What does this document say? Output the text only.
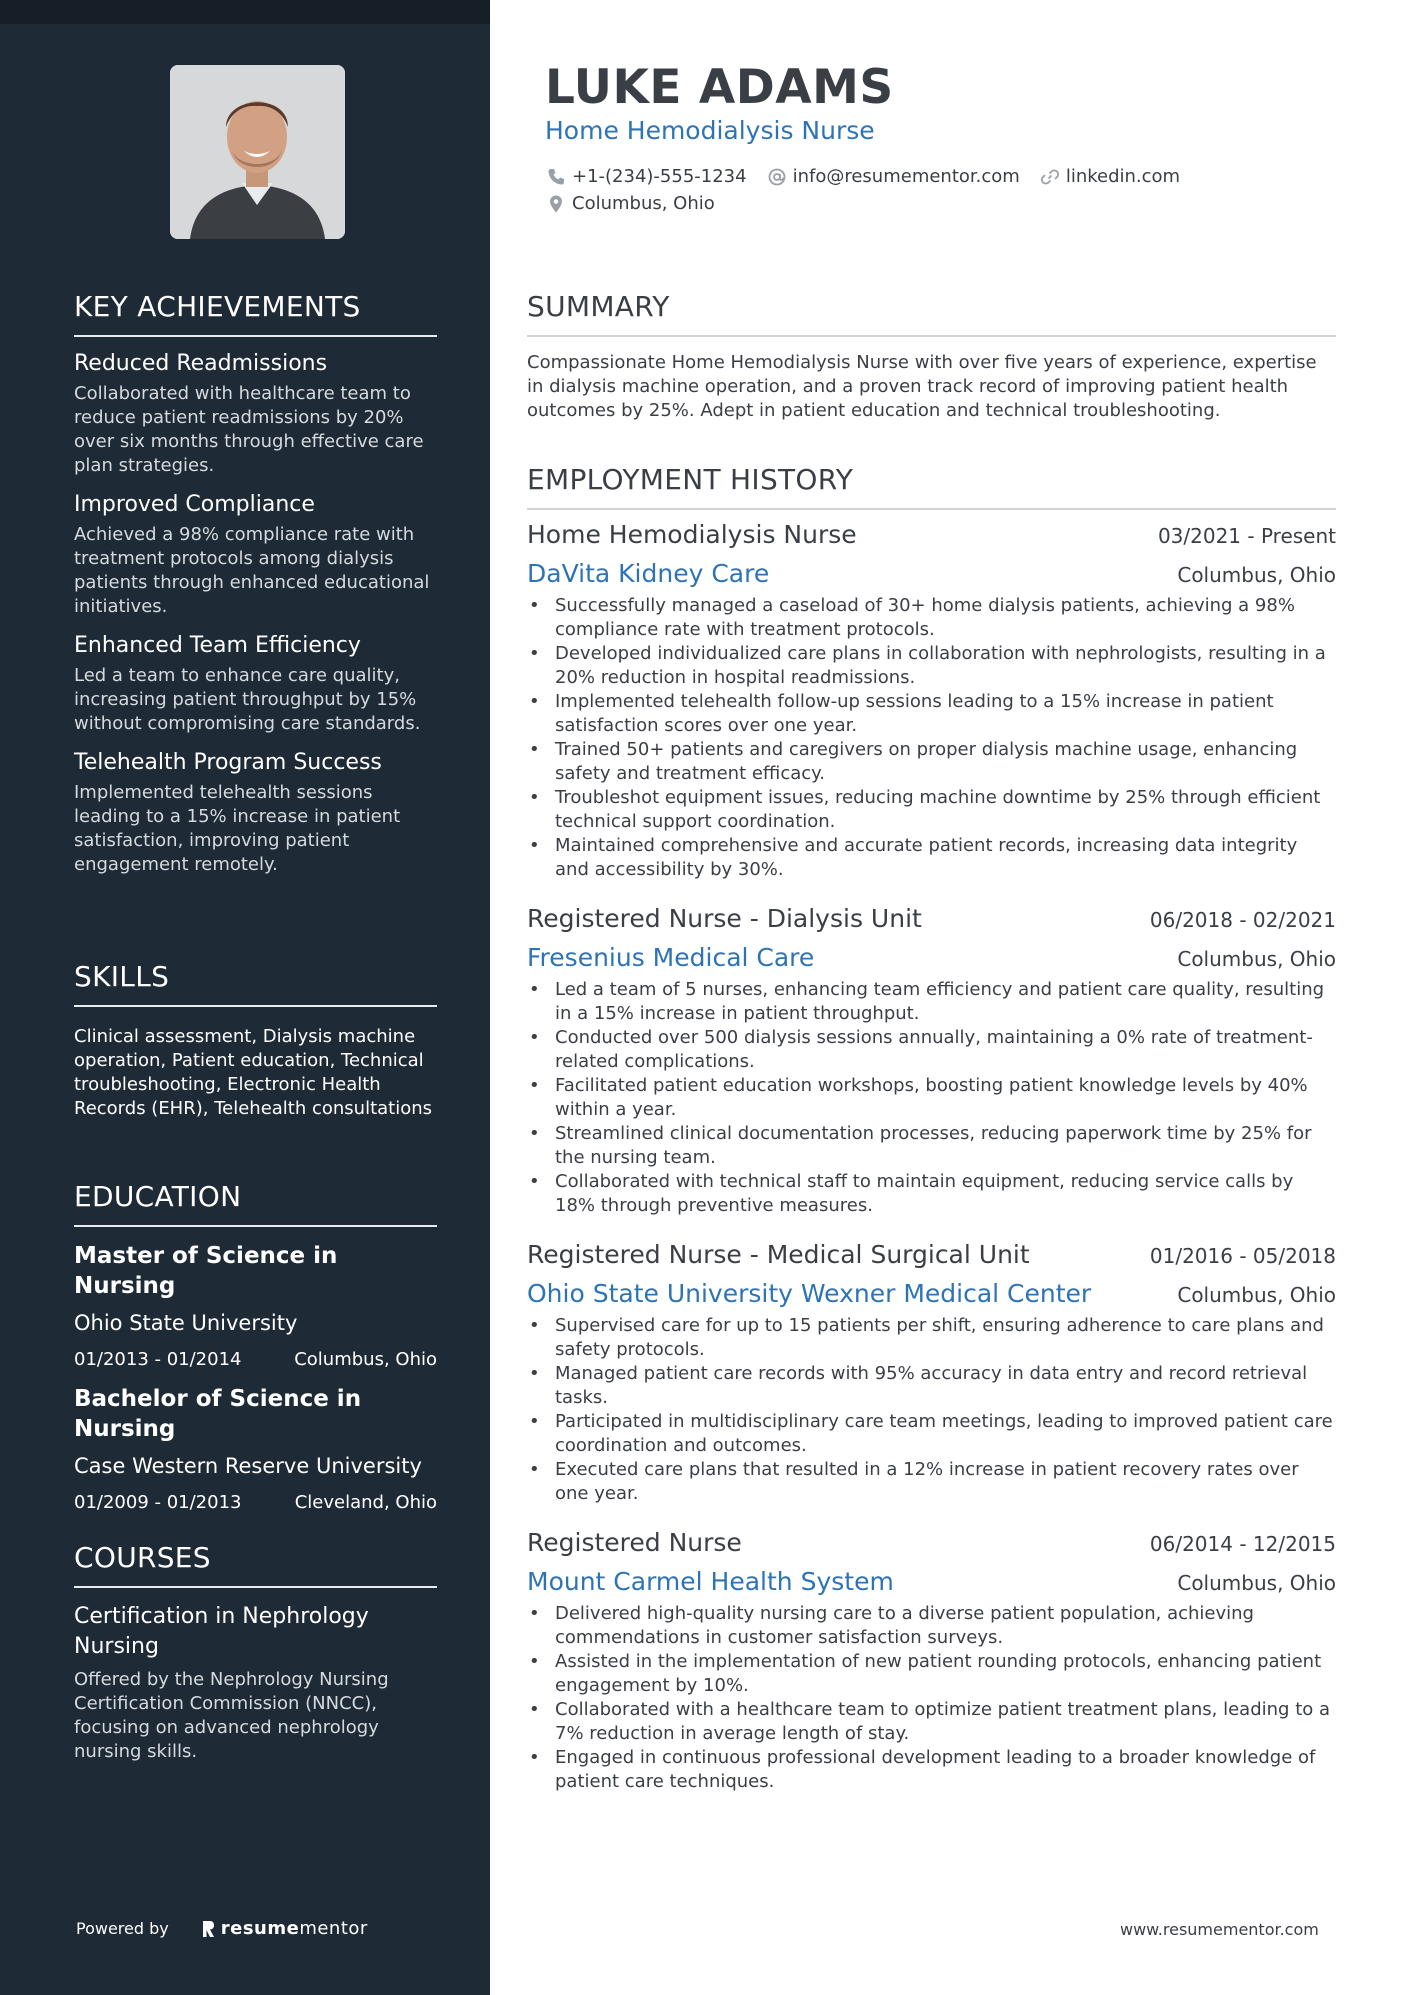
KEY ACHIEVEMENTS
Reduced Readmissions
Collaborated with healthcare team to reduce patient readmissions by 20% over six months through effective care plan strategies.
Improved Compliance
Achieved a 98% compliance rate with treatment protocols among dialysis patients through enhanced educational initiatives.
Enhanced Team Efficiency
Led a team to enhance care quality, increasing patient throughput by 15% without compromising care standards.
Telehealth Program Success
Implemented telehealth sessions leading to a 15% increase in patient satisfaction, improving patient engagement remotely.
SKILLS
Clinical assessment, Dialysis machine operation, Patient education, Technical troubleshooting, Electronic Health Records (EHR), Telehealth consultations
EDUCATION
Master of Science in Nursing
Ohio State University
01/2013 - 01/2014	Columbus, Ohio
Bachelor of Science in Nursing
Case Western Reserve University
01/2009 - 01/2013	Cleveland, Ohio
COURSES
Certification in Nephrology Nursing
Offered by the Nephrology Nursing Certification Commission (NNCC), focusing on advanced nephrology nursing skills.
Powered by	resume mentor
LUKE ADAMS
Home Hemodialysis Nurse
+1-(234)-555-1234	info@resumementor.com	linkedin.com
Columbus, Ohio
SUMMARY
Compassionate Home Hemodialysis Nurse with over five years of experience, expertise in dialysis machine operation, and a proven track record of improving patient health outcomes by 25%. Adept in patient education and technical troubleshooting.
EMPLOYMENT HISTORY
Home Hemodialysis Nurse	03/2021 - Present
DaVita Kidney Care	Columbus, Ohio
• Successfully managed a caseload of 30+ home dialysis patients, achieving a 98% compliance rate with treatment protocols.
• Developed individualized care plans in collaboration with nephrologists, resulting in a 20% reduction in hospital readmissions.
• Implemented telehealth follow-up sessions leading to a 15% increase in patient satisfaction scores over one year.
• Trained 50+ patients and caregivers on proper dialysis machine usage, enhancing safety and treatment efficacy.
• Troubleshot equipment issues, reducing machine downtime by 25% through efficient technical support coordination.
• Maintained comprehensive and accurate patient records, increasing data integrity and accessibility by 30%.
Registered Nurse - Dialysis Unit	06/2018 - 02/2021
Fresenius Medical Care	Columbus, Ohio
• Led a team of 5 nurses, enhancing team efficiency and patient care quality, resulting in a 15% increase in patient throughput.
• Conducted over 500 dialysis sessions annually, maintaining a 0% rate of treatment-related complications.
• Facilitated patient education workshops, boosting patient knowledge levels by 40% within a year.
• Streamlined clinical documentation processes, reducing paperwork time by 25% for the nursing team.
• Collaborated with technical staff to maintain equipment, reducing service calls by 18% through preventive measures.
Registered Nurse - Medical Surgical Unit	01/2016 - 05/2018
Ohio State University Wexner Medical Center	Columbus, Ohio
• Supervised care for up to 15 patients per shift, ensuring adherence to care plans and safety protocols.
• Managed patient care records with 95% accuracy in data entry and record retrieval tasks.
• Participated in multidisciplinary care team meetings, leading to improved patient care coordination and outcomes.
• Executed care plans that resulted in a 12% increase in patient recovery rates over one year.
Registered Nurse	06/2014 - 12/2015
Mount Carmel Health System	Columbus, Ohio
• Delivered high-quality nursing care to a diverse patient population, achieving commendations in customer satisfaction surveys.
• Assisted in the implementation of new patient rounding protocols, enhancing patient engagement by 10%.
• Collaborated with a healthcare team to optimize patient treatment plans, leading to a 7% reduction in average length of stay.
• Engaged in continuous professional development leading to a broader knowledge of patient care techniques.
www.resumementor.com
